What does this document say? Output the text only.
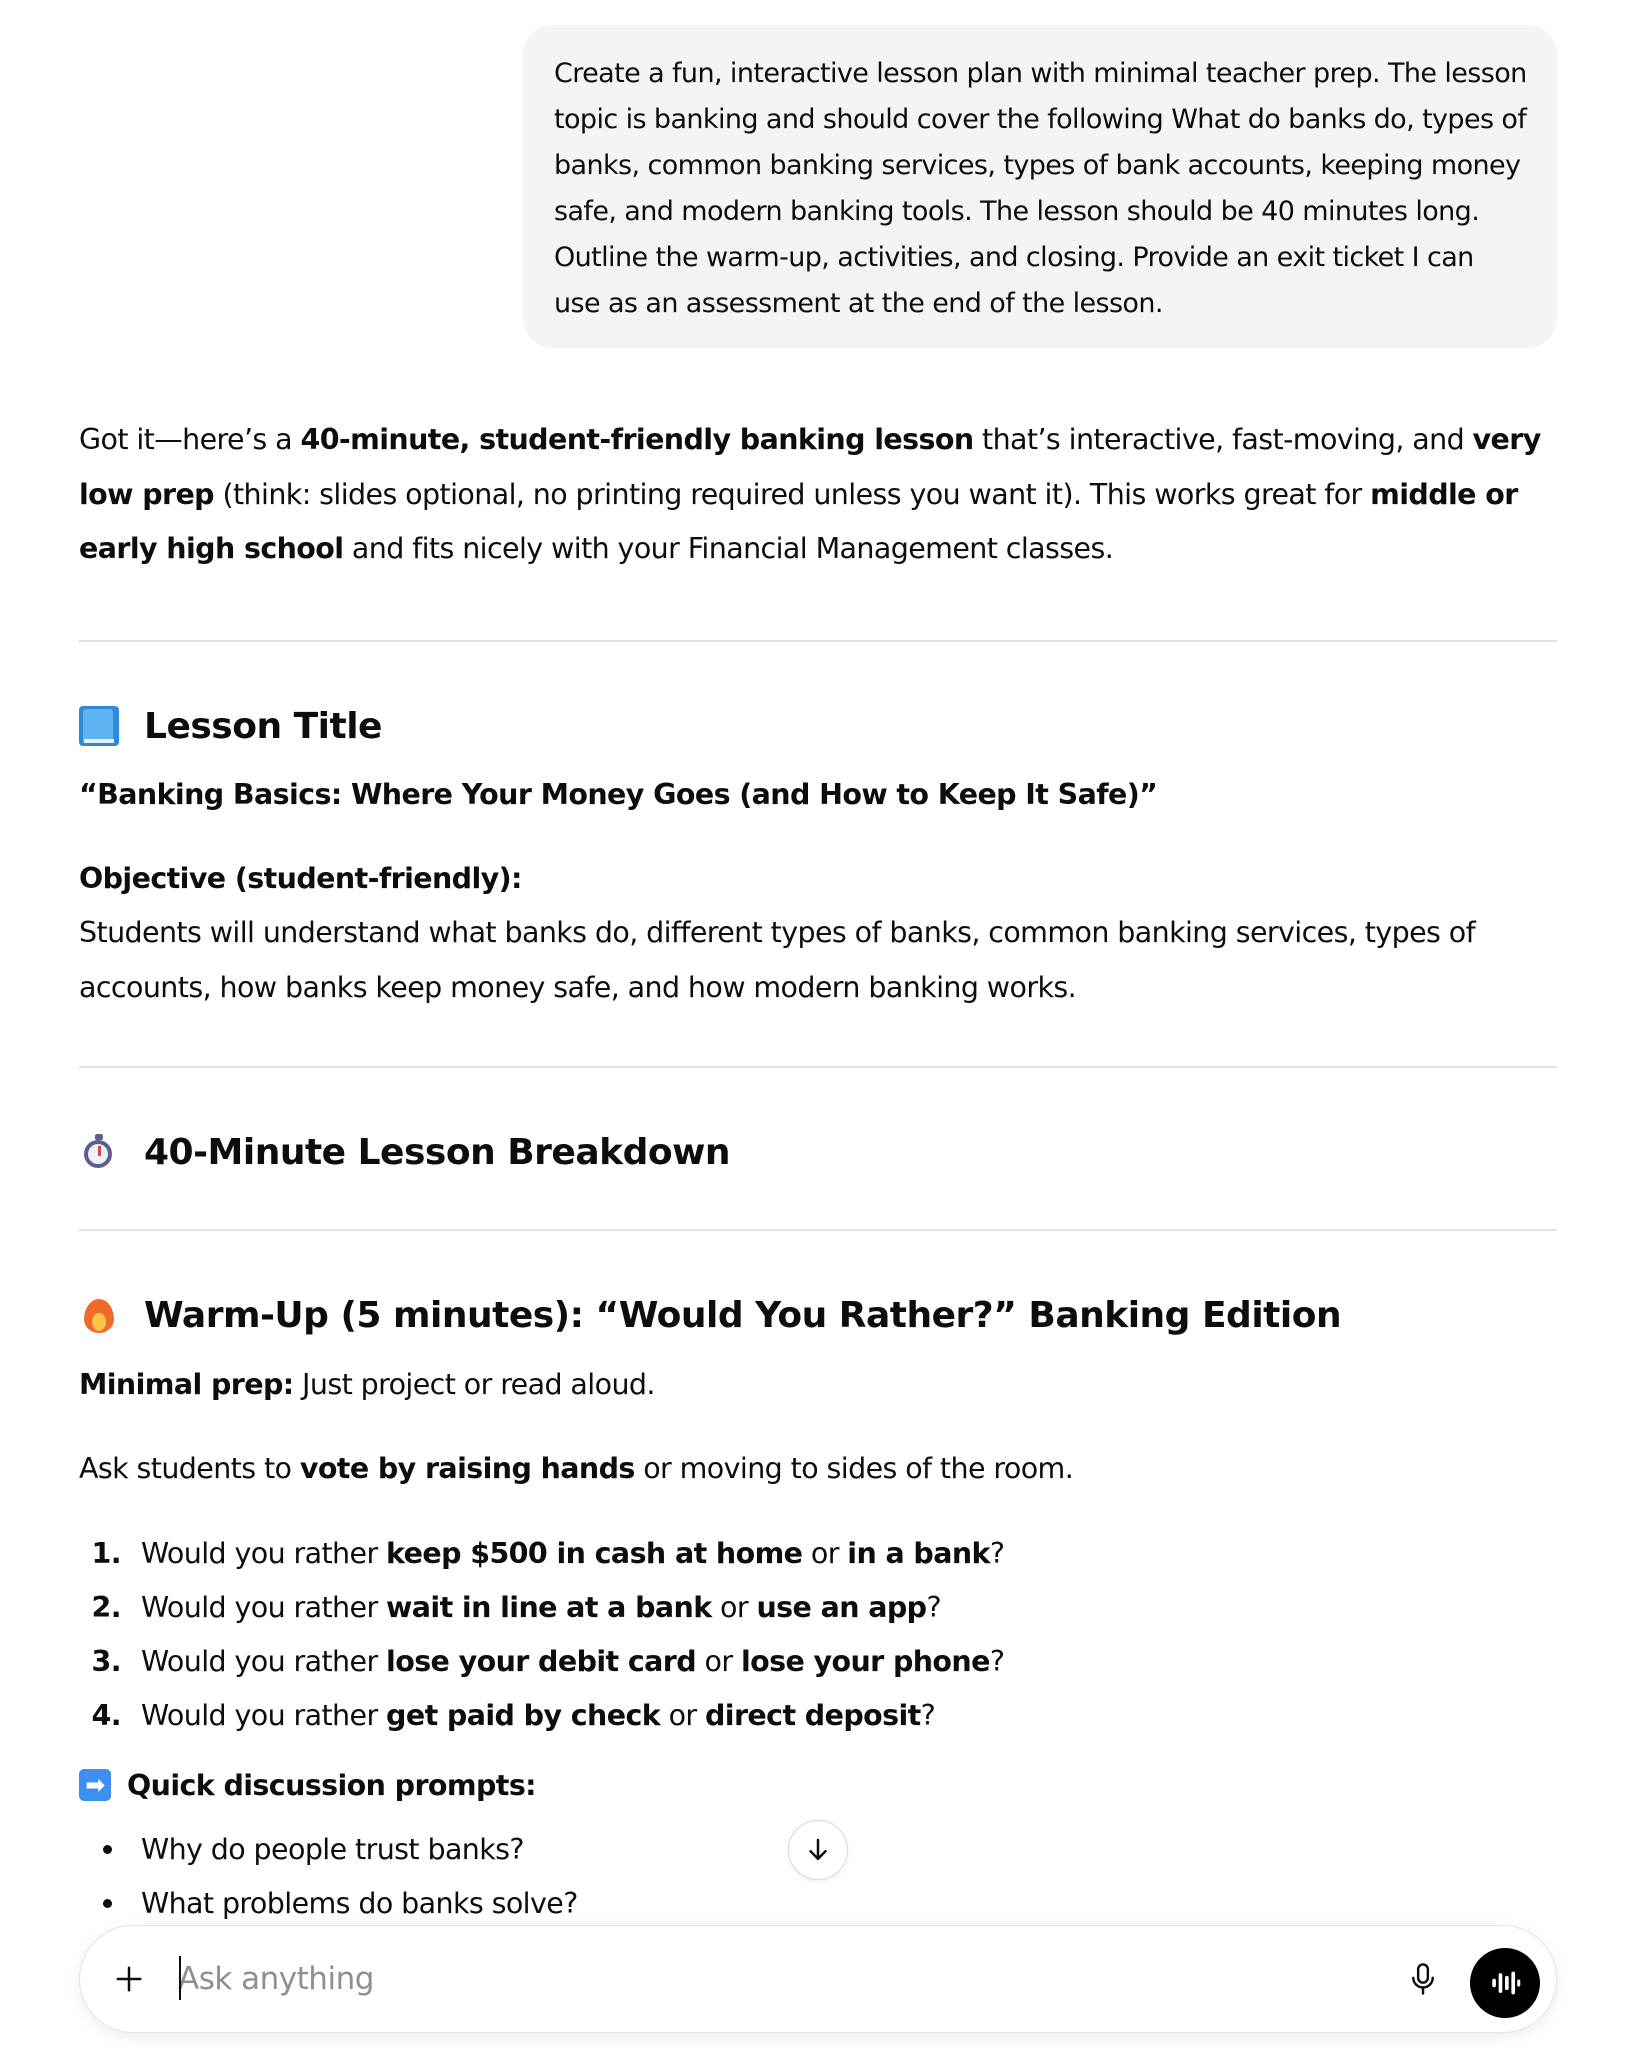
Create a fun, interactive lesson plan with minimal teacher prep. The lesson topic is banking and should cover the following What do banks do, types of banks, common banking services, types of bank accounts, keeping money safe, and modern banking tools. The lesson should be 40 minutes long. Outline the warm-up, activities, and closing. Provide an exit ticket I can use as an assessment at the end of the lesson.
Got it—here’s a 40-minute, student-friendly banking lesson that’s interactive, fast-moving, and very low prep (think: slides optional, no printing required unless you want it). This works great for middle or early high school and fits nicely with your Financial Management classes.
Lesson Title
“Banking Basics: Where Your Money Goes (and How to Keep It Safe)”
Objective (student-friendly):
Students will understand what banks do, different types of banks, common banking services, types of accounts, how banks keep money safe, and how modern banking works.
40-Minute Lesson Breakdown
Warm-Up (5 minutes): “Would You Rather?” Banking Edition
Minimal prep: Just project or read aloud.
Ask students to vote by raising hands or moving to sides of the room.
1. Would you rather keep $500 in cash at home or in a bank?
2. Would you rather wait in line at a bank or use an app?
3. Would you rather lose your debit card or lose your phone?
4. Would you rather get paid by check or direct deposit?
➡ Quick discussion prompts:
Why do people trust banks?
What problems do banks solve?
Ask anything
